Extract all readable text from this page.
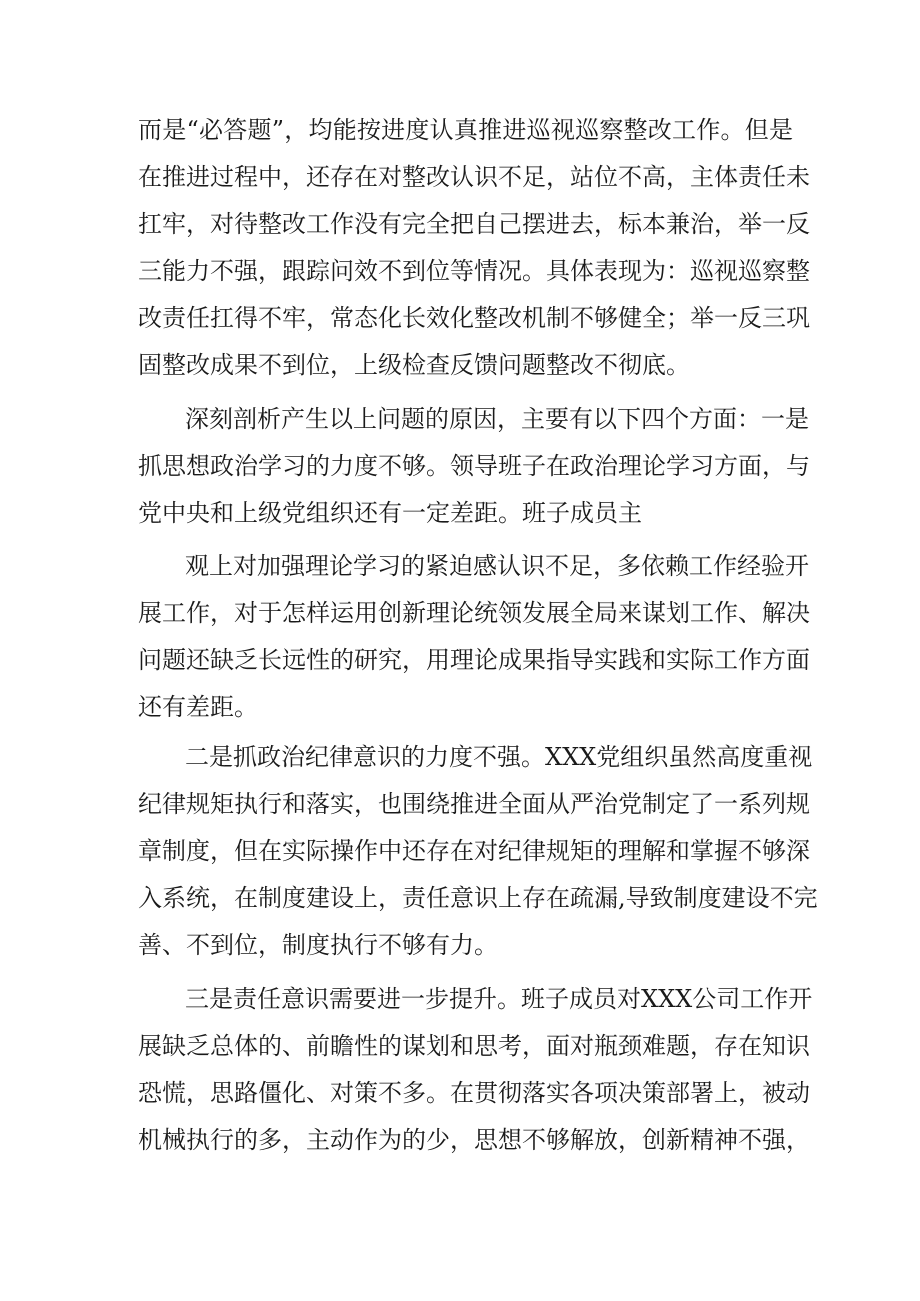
而是“必答题”，均能按进度认真推进巡视巡察整改工作。但是
在推进过程中，还存在对整改认识不足，站位不高，主体责任未
扛牢，对待整改工作没有完全把自己摆进去，标本兼治，举一反
三能力不强，跟踪问效不到位等情况。具体表现为：巡视巡察整
改责任扛得不牢，常态化长效化整改机制不够健全；举一反三巩
固整改成果不到位，上级检查反馈问题整改不彻底。
深刻剖析产生以上问题的原因，主要有以下四个方面：一是
抓思想政治学习的力度不够。领导班子在政治理论学习方面，与
党中央和上级党组织还有一定差距。班子成员主
观上对加强理论学习的紧迫感认识不足，多依赖工作经验开
展工作，对于怎样运用创新理论统领发展全局来谋划工作、解决
问题还缺乏长远性的研究，用理论成果指导实践和实际工作方面
还有差距。
二是抓政治纪律意识的力度不强。XXX党组织虽然高度重视
纪律规矩执行和落实，也围绕推进全面从严治党制定了一系列规
章制度，但在实际操作中还存在对纪律规矩的理解和掌握不够深
入系统，在制度建设上，责任意识上存在疏漏,导致制度建设不完
善、不到位，制度执行不够有力。
三是责任意识需要进一步提升。班子成员对XXX公司工作开
展缺乏总体的、前瞻性的谋划和思考，面对瓶颈难题，存在知识
恐慌，思路僵化、对策不多。在贯彻落实各项决策部署上，被动
机械执行的多，主动作为的少，思想不够解放，创新精神不强，
